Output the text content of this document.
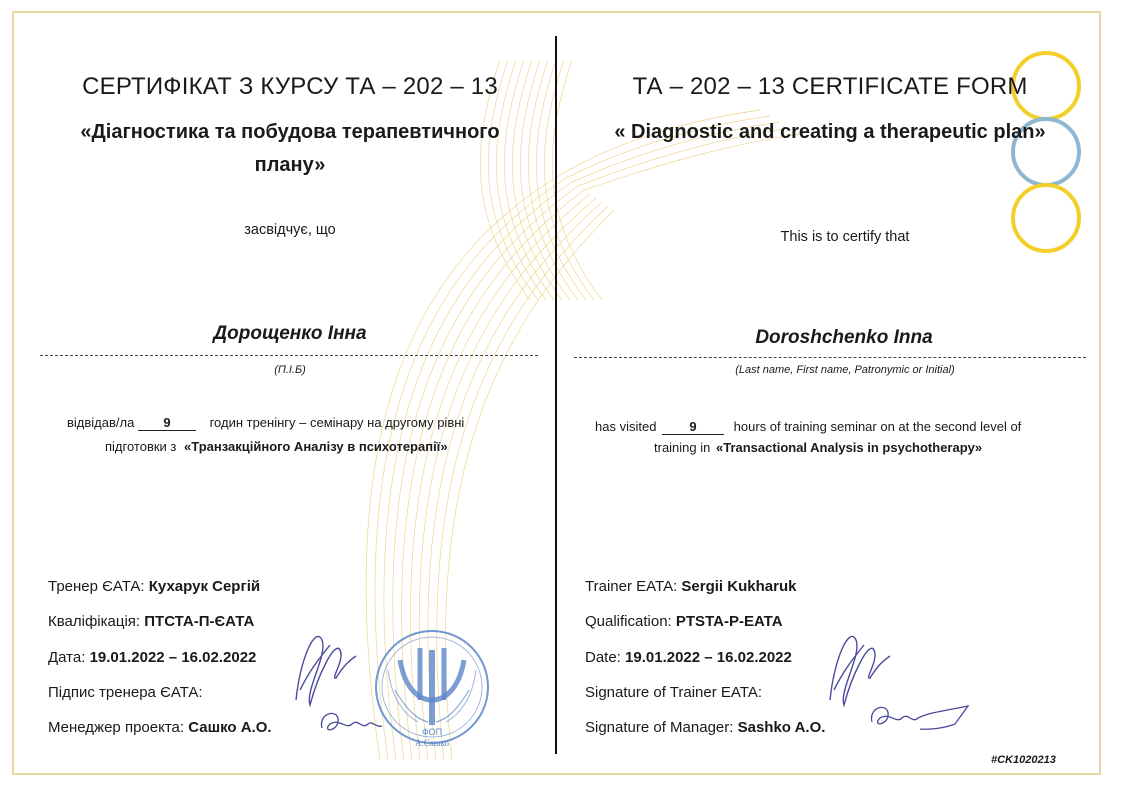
ФОП
А.Сашко
СЕРТИФІКАТ З КУРСУ ТА – 202 – 13
«Діагностика та побудова терапевтичного плану»
засвідчує, що
Дорощенко Інна
(П.І.Б)
відвідав/ла 9	годин тренінгу – семінару на другому рівні
підготовки з «Транзакційного Аналізу в психотерапії»
Тренер ЄАТА: Кухарук Сергій
Кваліфікація: ПТСТА-П-ЄАТА
Дата: 19.01.2022 – 16.02.2022
Підпис тренера ЄАТА:
Менеджер проекта: Сашко А.О.
ТА – 202 – 13 CERTIFICATE FORM
« Diagnostic and creating a therapeutic plan»
This is to certify that
Doroshchenko Inna
(Last name, First name, Patronymic or Initial)
has visited	9	hours of training seminar on at the second level of
training in «Transactional Analysis in psychotherapy»
Trainer EATA: Sergii Kukharuk
Qualification: PTSTA-P-EATA
Date: 19.01.2022 – 16.02.2022
Signature of Trainer EATA:
Signature of Manager: Sashko A.O.
#CK1020213
